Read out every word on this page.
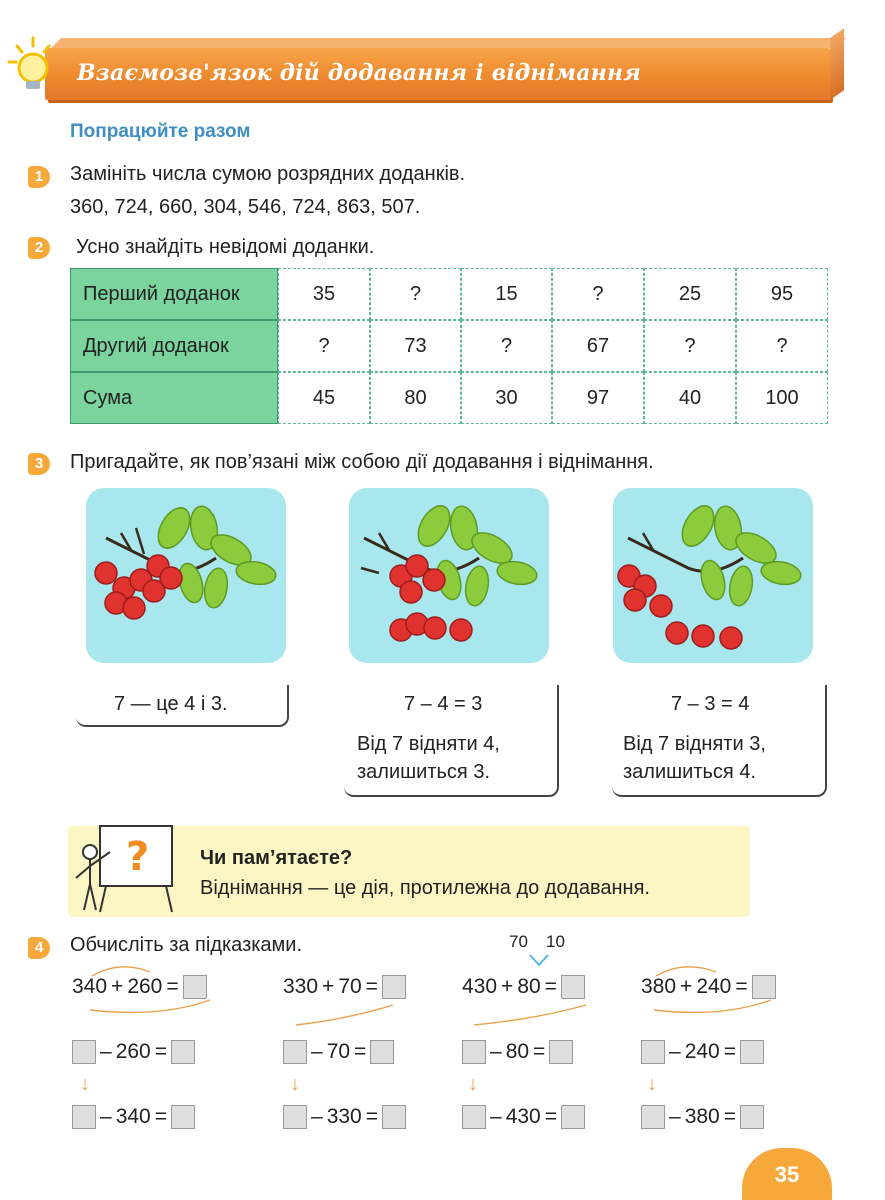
Взаємозв'язок дій додавання і віднімання
Попрацюйте разом
1	Замініть числа сумою розрядних доданків.
360, 724, 660, 304, 546, 724, 863, 507.
2	Усно знайдіть невідомі доданки.
Перший доданок	35	?	15	?	25	95
Другий доданок	?	73	?	67	?	?
Сума	45	80	30	97	40	100
3	Пригадайте, як пов’язані між собою дії додавання і віднімання.
7 — це 4 і 3.	7 – 4 = 3
Від 7 відняти 4,
залишиться 3.
7 – 3 = 4
Від 7 відняти 3,
залишиться 4.
?	Чи пам’ятаєте?
Віднімання — це дія, протилежна до додавання.
4	Обчисліть за підказками.	70 10
340 + 260 =
– 260 =
↓
– 340 =
330 + 70 =
– 70 =
↓
– 330 =
430 + 80 =
– 80 =
↓
– 430 =
380 + 240 =
– 240 =
↓
– 380 =
35
